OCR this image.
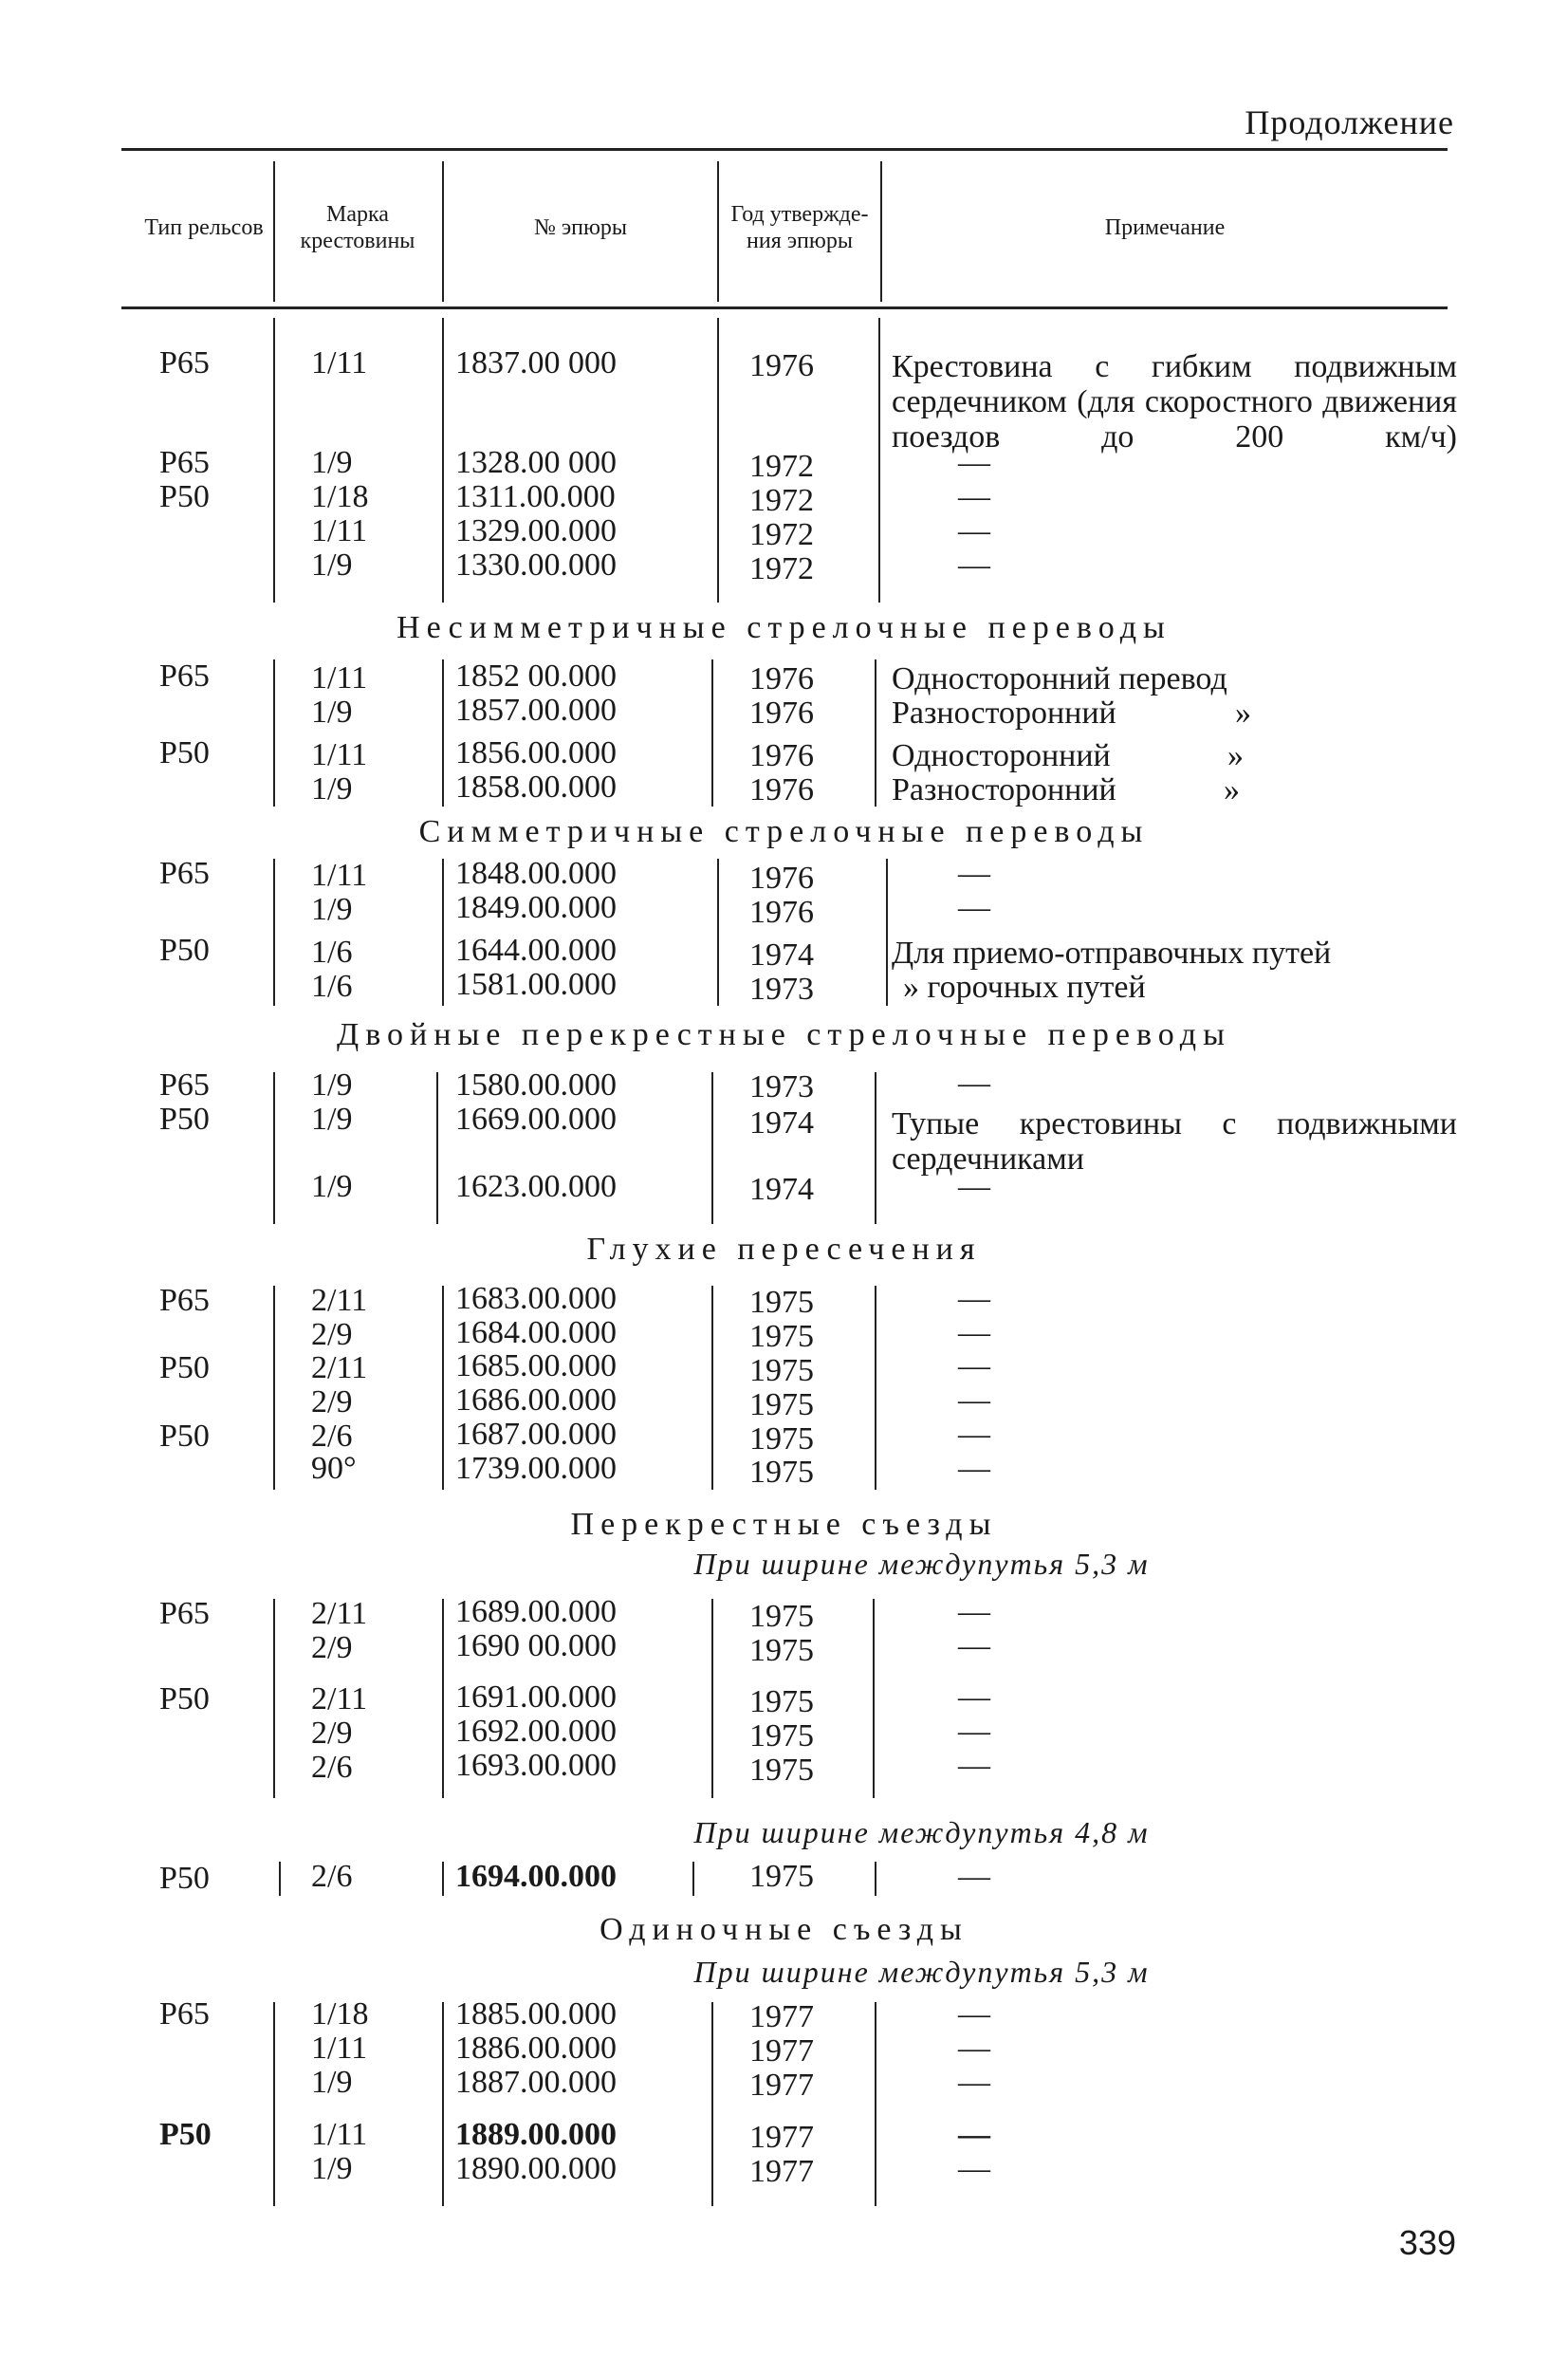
Продолжение
Тип рельсов
Марка крестовины
№ эпюры
Год утвержде- ния эпюры
Примечание
Р65	1/11	1837.00 000	1976 Крестовина с гибким подвижным сердечником (для скоростного движения поездов до 200 км/ч)
Р65	1/9	1328.00 000	1972	—
Р50	1/18	1311.00.000	1972	—
1/11	1329.00.000	1972	—
1/9	1330.00.000	1972	—
Несимметричные стрелочные переводы
Р65	1/11	1852 00.000	1976 Односторонний перевод
1/9	1857.00.000	1976 Разносторонний	»
Р50	1/11	1856.00.000	1976 Односторонний	»
1/9	1858.00.000	1976 Разносторонний	»
Симметричные стрелочные переводы
Р65	1/11	1848.00.000	1976	—
1/9	1849.00.000	1976	—
Р50	1/6	1644.00.000	1974 Для приемо-отправочных путей
1/6	1581.00.000	1973	» горочных путей
Двойные перекрестные стрелочные переводы
Р65	1/9	1580.00.000	1973	—
Р50	1/9	1669.00.000	1974 Тупые крестовины с подвижными сердечниками
1/9	1623.00.000	1974	—
Глухие пересечения
Р65	2/11	1683.00.000	1975	—
2/9	1684.00.000	1975	—
Р50	2/11	1685.00.000	1975	—
2/9	1686.00.000	1975	—
Р50	2/6	1687.00.000	1975	—
90°	1739.00.000	1975	—
Перекрестные съезды
При ширине междупутья 5,3 м
Р65	2/11	1689.00.000	1975	—
2/9	1690 00.000	1975	—
Р50	2/11	1691.00.000	1975	—
2/9	1692.00.000	1975	—
2/6	1693.00.000	1975	—
При ширине междупутья 4,8 м
Р50	2/6	1694.00.000	1975	—
Одиночные съезды
При ширине междупутья 5,3 м
Р65	1/18	1885.00.000	1977	—
1/11	1886.00.000	1977	—
1/9	1887.00.000	1977	—
Р50	1/11	1889.00.000	1977	—
1/9	1890.00.000	1977	—
339
